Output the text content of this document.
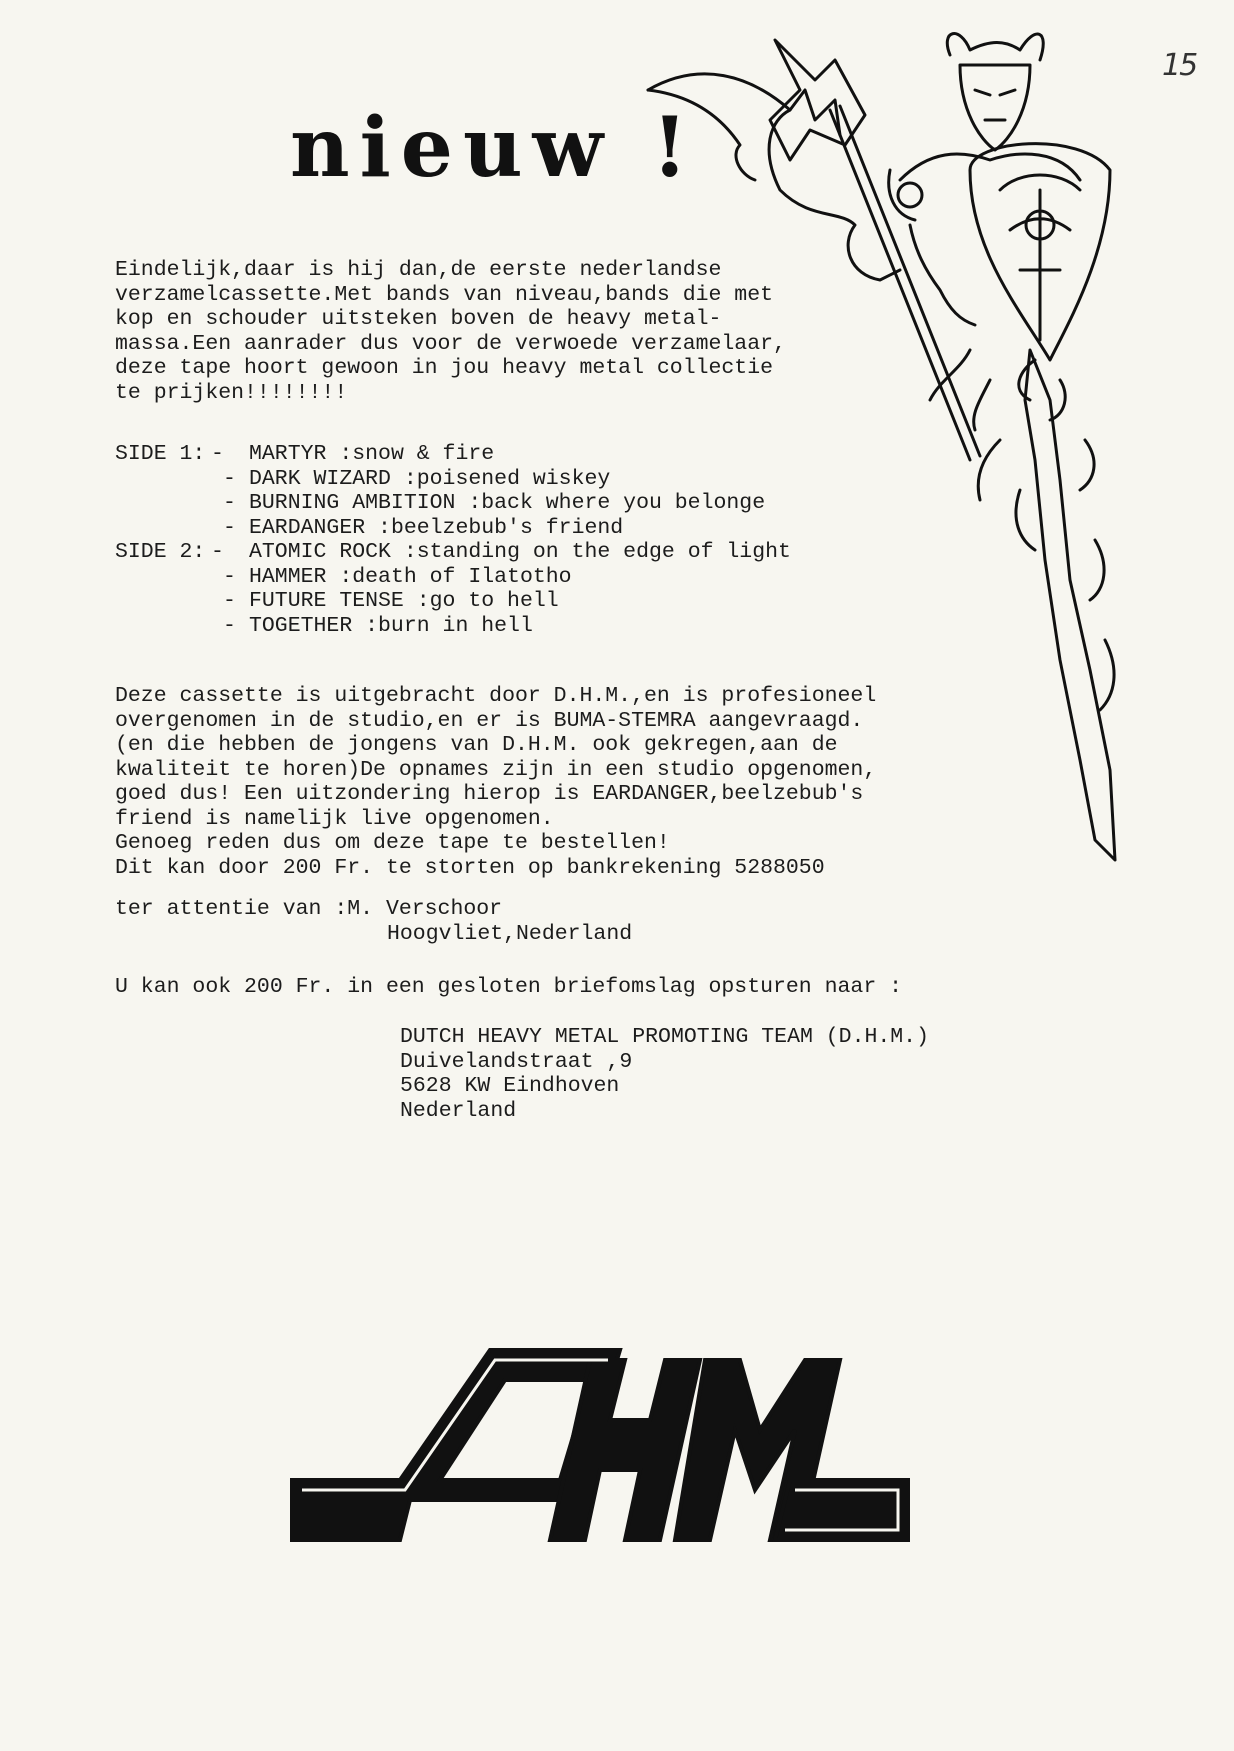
15
nieuw !
Eindelijk,daar is hij dan,de eerste nederlandse
verzamelcassette.Met bands van niveau,bands die met
kop en schouder uitsteken boven de heavy metal-
massa.Een aanrader dus voor de verwoede verzamelaar,
deze tape hoort gewoon in jou heavy metal collectie
te prijken!!!!!!!!
SIDE 1: - MARTYR :snow & fire
- DARK WIZARD :poisened wiskey
- BURNING AMBITION :back where you belonge
- EARDANGER :beelzebub's friend
SIDE 2: - ATOMIC ROCK :standing on the edge of light
- HAMMER :death of Ilatotho
- FUTURE TENSE :go to hell
- TOGETHER :burn in hell
Deze cassette is uitgebracht door D.H.M.,en is profesioneel
overgenomen in de studio,en er is BUMA-STEMRA aangevraagd.
(en die hebben de jongens van D.H.M. ook gekregen,aan de
kwaliteit te horen)De opnames zijn in een studio opgenomen,
goed dus! Een uitzondering hierop is EARDANGER,beelzebub's
friend is namelijk live opgenomen.
Genoeg reden dus om deze tape te bestellen!
Dit kan door 200 Fr. te storten op bankrekening 5288050
ter attentie van :M. Verschoor
Hoogvliet,Nederland
U kan ook 200 Fr. in een gesloten briefomslag opsturen naar :
DUTCH HEAVY METAL PROMOTING TEAM (D.H.M.)
Duivelandstraat ,9
5628 KW Eindhoven
Nederland
